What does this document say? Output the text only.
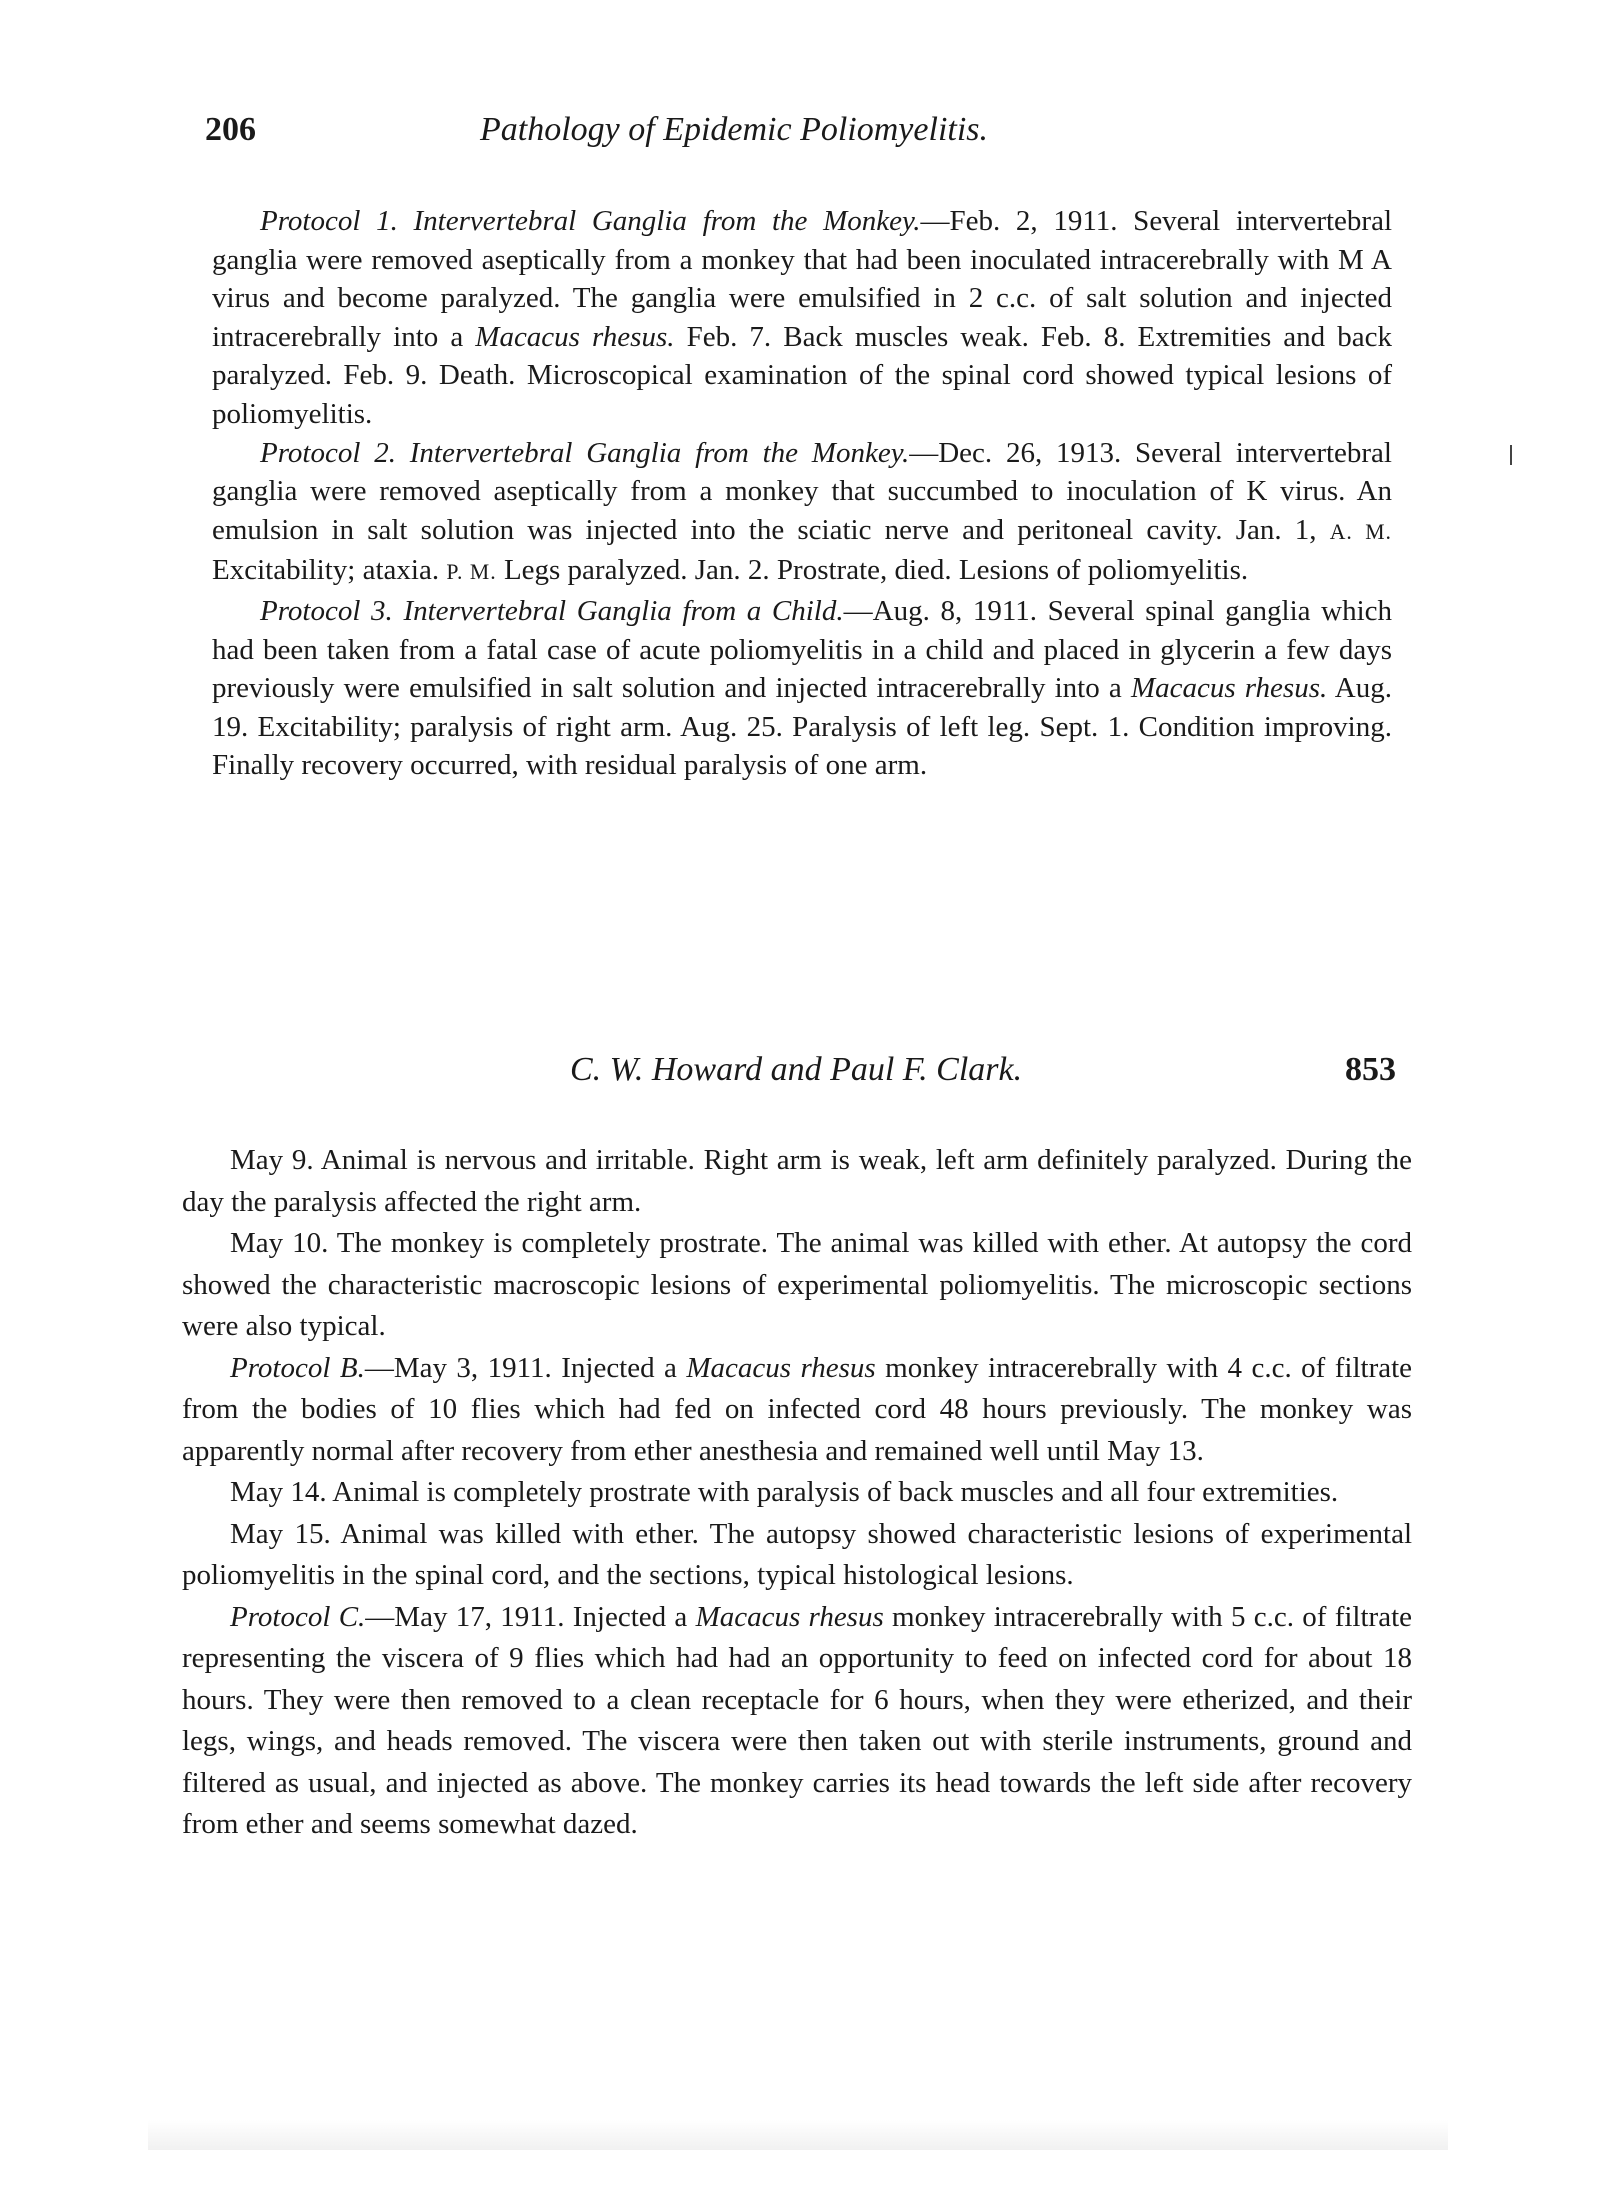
206	Pathology of Epidemic Poliomyelitis.

Protocol 1. Intervertebral Ganglia from the Monkey.—Feb. 2, 1911. Several intervertebral ganglia were removed aseptically from a monkey that had been inoculated intracerebrally with M A virus and become paralyzed. The ganglia were emulsified in 2 c.c. of salt solution and injected intracerebrally into a Macacus rhesus. Feb. 7. Back muscles weak. Feb. 8. Extremities and back paralyzed. Feb. 9. Death. Microscopical examination of the spinal cord showed typical lesions of poliomyelitis.

Protocol 2. Intervertebral Ganglia from the Monkey.—Dec. 26, 1913. Several intervertebral ganglia were removed aseptically from a monkey that succumbed to inoculation of K virus. An emulsion in salt solution was injected into the sciatic nerve and peritoneal cavity. Jan. 1, A. M. Excitability; ataxia. P. M. Legs paralyzed. Jan. 2. Prostrate, died. Lesions of poliomyelitis.

Protocol 3. Intervertebral Ganglia from a Child.—Aug. 8, 1911. Several spinal ganglia which had been taken from a fatal case of acute poliomyelitis in a child and placed in glycerin a few days previously were emulsified in salt solution and injected intracerebrally into a Macacus rhesus. Aug. 19. Excitability; paralysis of right arm. Aug. 25. Paralysis of left leg. Sept. 1. Condition improving. Finally recovery occurred, with residual paralysis of one arm.

C. W. Howard and Paul F. Clark.	853

May 9. Animal is nervous and irritable. Right arm is weak, left arm definitely paralyzed. During the day the paralysis affected the right arm.

May 10. The monkey is completely prostrate. The animal was killed with ether. At autopsy the cord showed the characteristic macroscopic lesions of experimental poliomyelitis. The microscopic sections were also typical.

Protocol B.—May 3, 1911. Injected a Macacus rhesus monkey intracerebrally with 4 c.c. of filtrate from the bodies of 10 flies which had fed on infected cord 48 hours previously. The monkey was apparently normal after recovery from ether anesthesia and remained well until May 13.

May 14. Animal is completely prostrate with paralysis of back muscles and all four extremities.

May 15. Animal was killed with ether. The autopsy showed characteristic lesions of experimental poliomyelitis in the spinal cord, and the sections, typical histological lesions.

Protocol C.—May 17, 1911. Injected a Macacus rhesus monkey intracerebrally with 5 c.c. of filtrate representing the viscera of 9 flies which had had an opportunity to feed on infected cord for about 18 hours. They were then removed to a clean receptacle for 6 hours, when they were etherized, and their legs, wings, and heads removed. The viscera were then taken out with sterile instruments, ground and filtered as usual, and injected as above. The monkey carries its head towards the left side after recovery from ether and seems somewhat dazed.
